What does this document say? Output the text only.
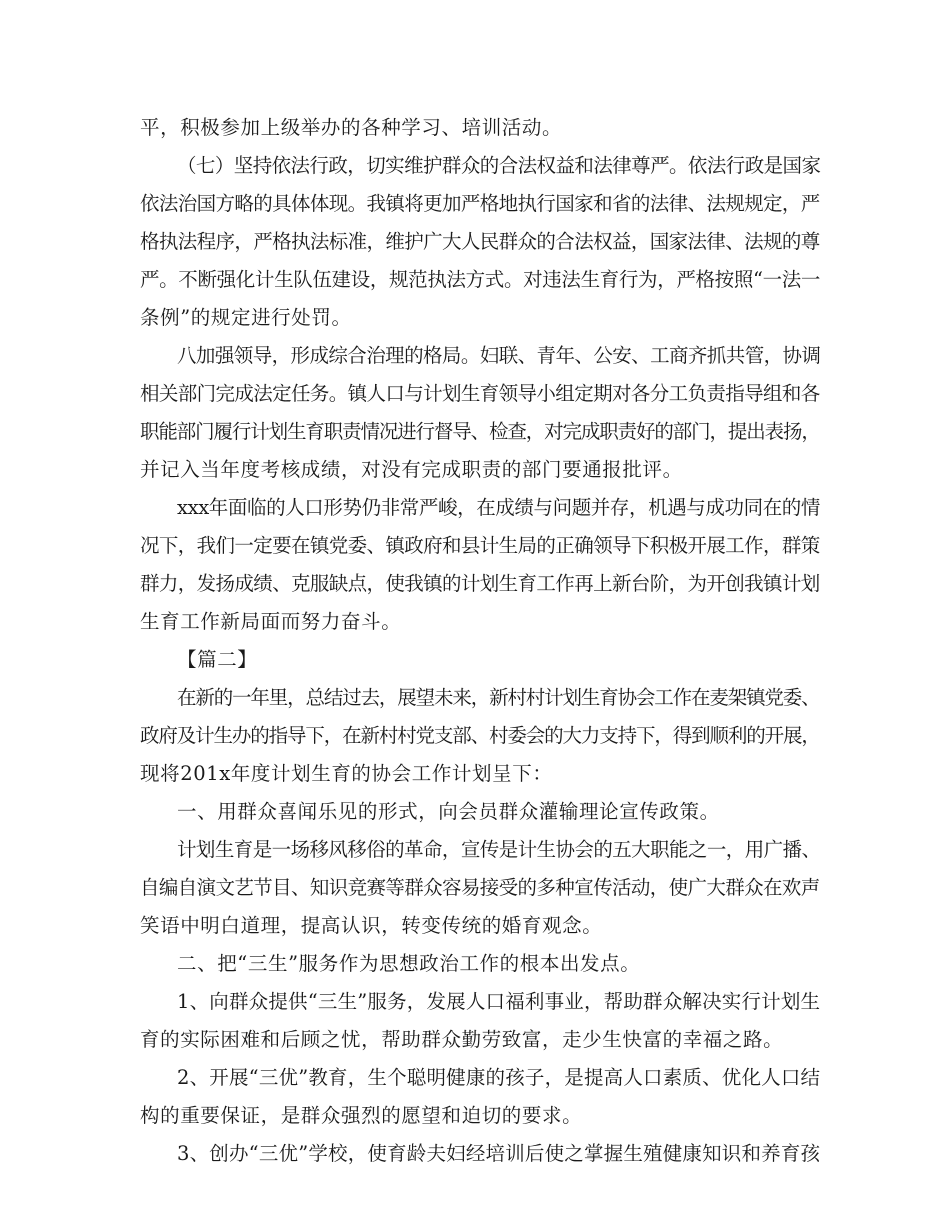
平，积极参加上级举办的各种学习、培训活动。
（七）坚持依法行政，切实维护群众的合法权益和法律尊严。依法行政是国家
依法治国方略的具体体现。我镇将更加严格地执行国家和省的法律、法规规定，严
格执法程序，严格执法标准，维护广大人民群众的合法权益，国家法律、法规的尊
严。不断强化计生队伍建设，规范执法方式。对违法生育行为，严格按照“一法一
条例”的规定进行处罚。
八加强领导，形成综合治理的格局。妇联、青年、公安、工商齐抓共管，协调
相关部门完成法定任务。镇人口与计划生育领导小组定期对各分工负责指导组和各
职能部门履行计划生育职责情况进行督导、检查，对完成职责好的部门，提出表扬，
并记入当年度考核成绩，对没有完成职责的部门要通报批评。
xxx年面临的人口形势仍非常严峻，在成绩与问题并存，机遇与成功同在的情
况下，我们一定要在镇党委、镇政府和县计生局的正确领导下积极开展工作，群策
群力，发扬成绩、克服缺点，使我镇的计划生育工作再上新台阶，为开创我镇计划
生育工作新局面而努力奋斗。
【篇二】
在新的一年里，总结过去，展望未来，新村村计划生育协会工作在麦架镇党委、
政府及计生办的指导下，在新村村党支部、村委会的大力支持下，得到顺利的开展，
现将201x年度计划生育的协会工作计划呈下：
一、用群众喜闻乐见的形式，向会员群众灌输理论宣传政策。
计划生育是一场移风移俗的革命，宣传是计生协会的五大职能之一，用广播、
自编自演文艺节目、知识竞赛等群众容易接受的多种宣传活动，使广大群众在欢声
笑语中明白道理，提高认识，转变传统的婚育观念。
二、把“三生”服务作为思想政治工作的根本出发点。
1、向群众提供“三生”服务，发展人口福利事业，帮助群众解决实行计划生
育的实际困难和后顾之忧，帮助群众勤劳致富，走少生快富的幸福之路。
2、开展“三优”教育，生个聪明健康的孩子，是提高人口素质、优化人口结
构的重要保证，是群众强烈的愿望和迫切的要求。
3、创办“三优”学校，使育龄夫妇经培训后使之掌握生殖健康知识和养育孩
